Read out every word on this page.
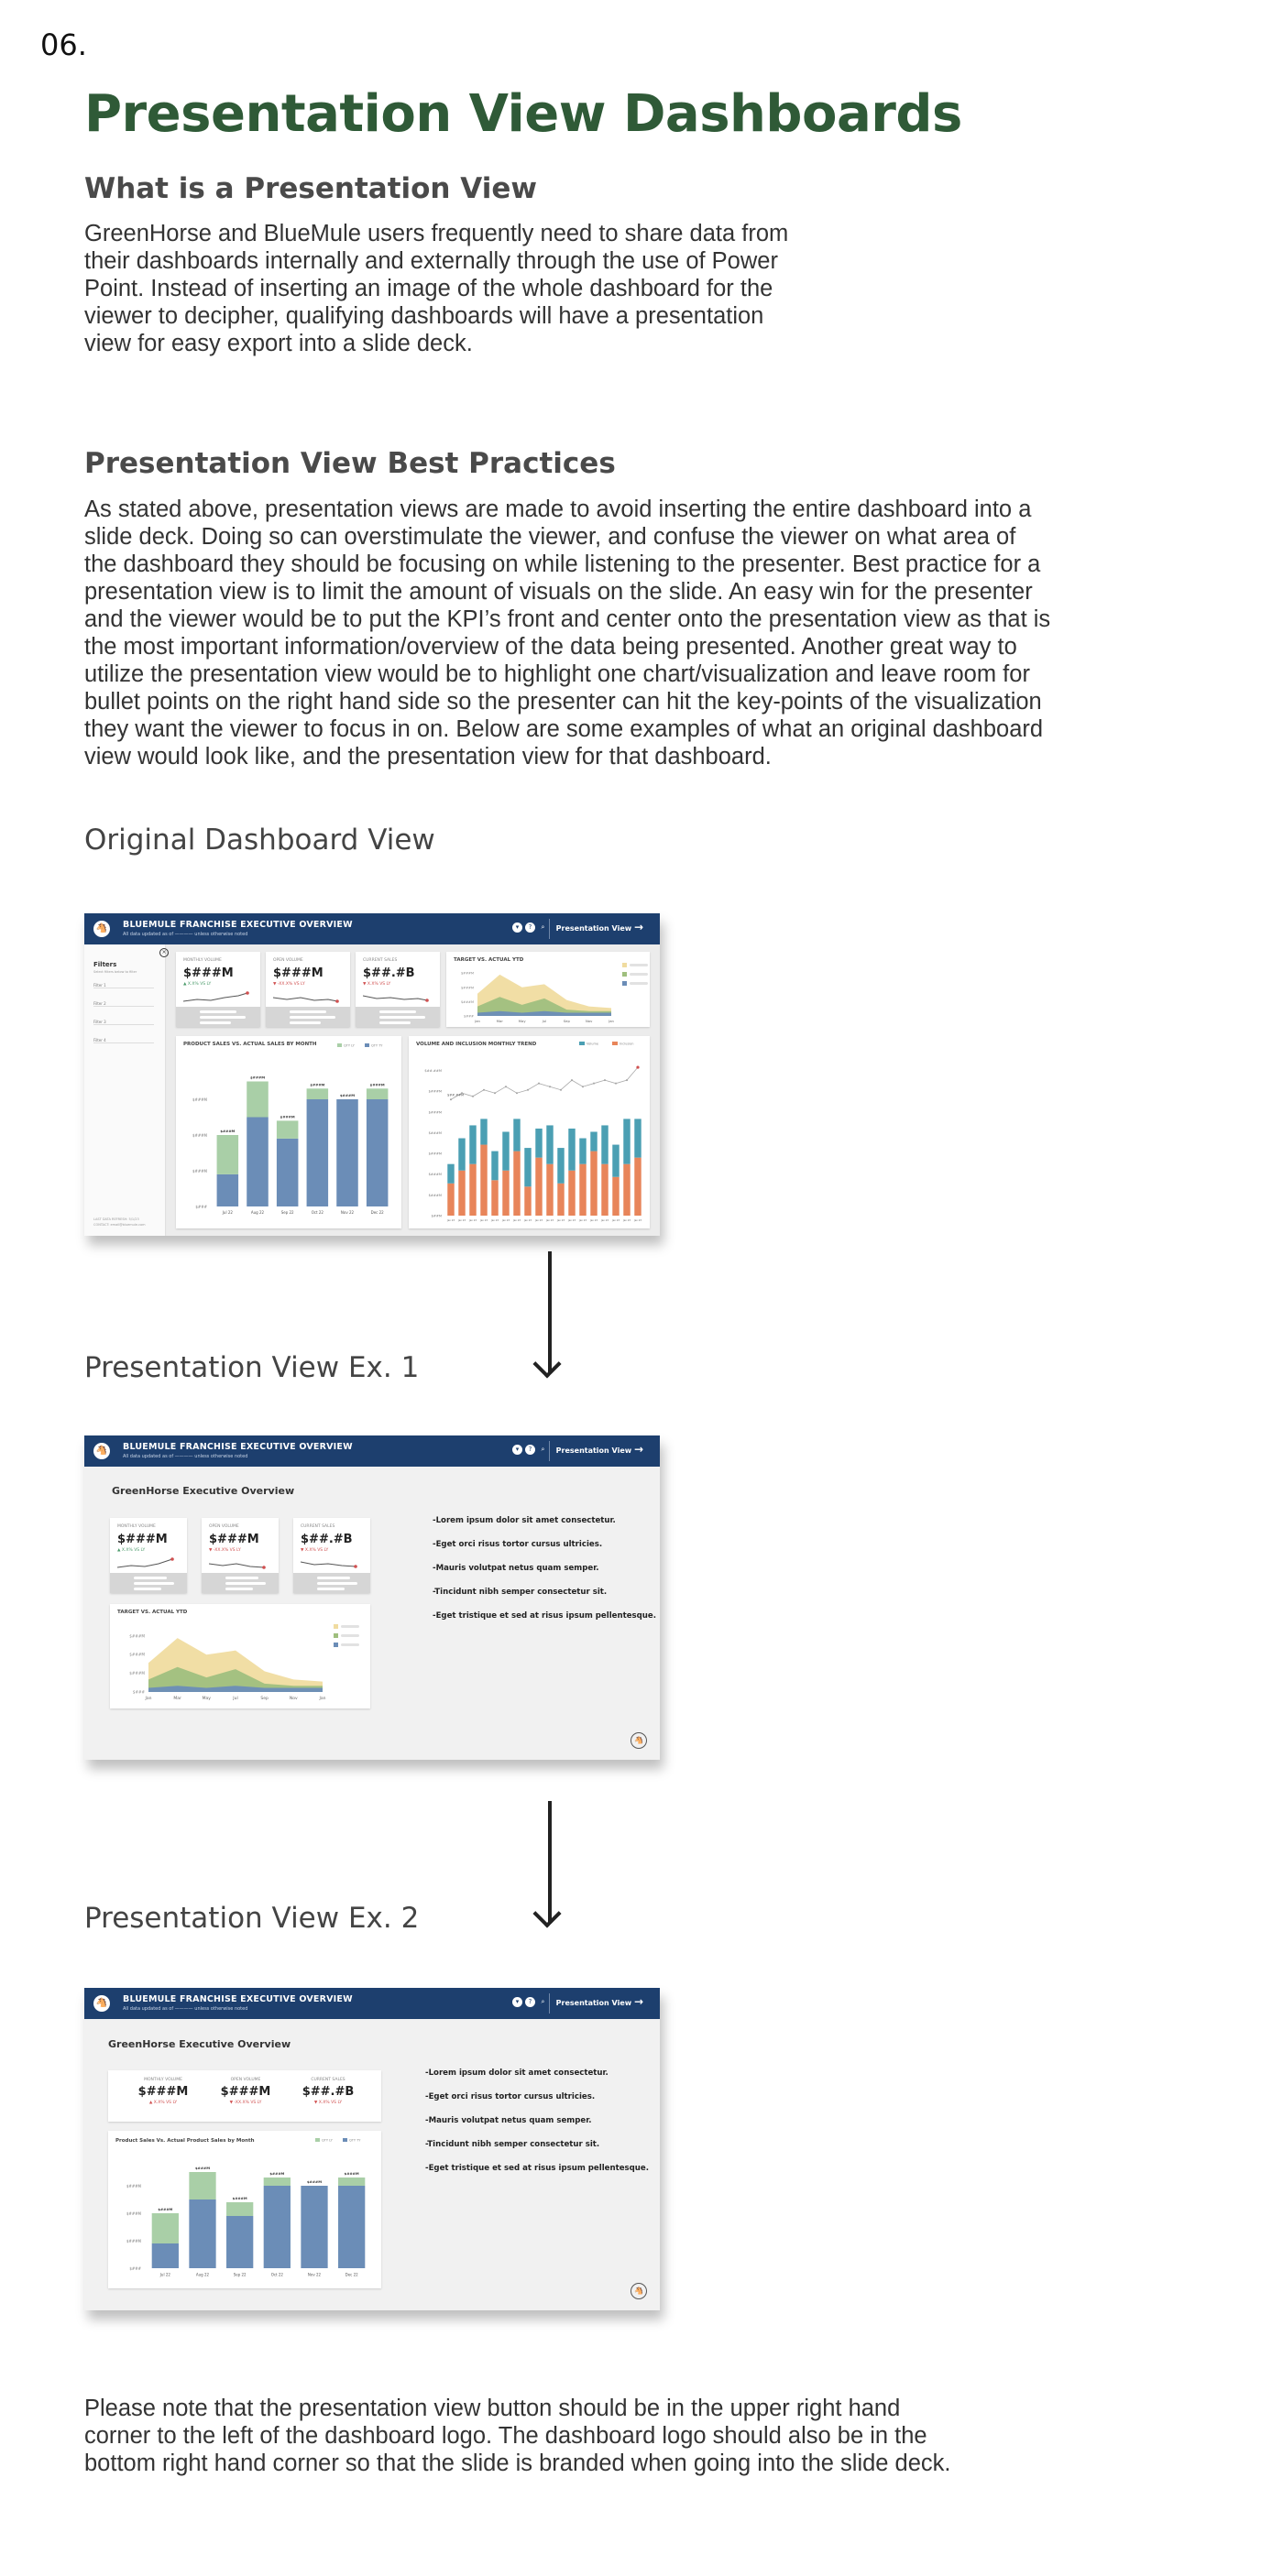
06.
Presentation View Dashboards
What is a Presentation View
GreenHorse and BlueMule users frequently need to share data from
their dashboards internally and externally through the use of Power
Point. Instead of inserting an image of the whole dashboard for the
viewer to decipher, qualifying dashboards will have a presentation
view for easy export into a slide deck.
Presentation View Best Practices
As stated above, presentation views are made to avoid inserting the entire dashboard into a
slide deck. Doing so can overstimulate the viewer, and confuse the viewer on what area of
the dashboard they should be focusing on while listening to the presenter. Best practice for a
presentation view is to limit the amount of visuals on the slide. An easy win for the presenter
and the viewer would be to put the KPI’s front and center onto the presentation view as that is
the most important information/overview of the data being presented. Another great way to
utilize the presentation view would be to highlight one chart/visualization and leave room for
bullet points on the right hand side so the presenter can hit the key-points of the visualization
they want the viewer to focus in on. Below are some examples of what an original dashboard
view would look like, and the presentation view for that dashboard.
Original Dashboard View
🐴 BLUEMULE FRANCHISE EXECUTIVE OVERVIEW
All data updated as of ———— unless otherwise noted
▾	?	⌕	Presentation View →
×
Filters
Select filters below to filter
Filter 1
Filter 2
Filter 3
Filter 4
LAST DATA REFRESH: 5/1/23
CONTACT: email@bluemule.com
MONTHLY VOLUME
$###M
▲ X.X% VS LY
OPEN VOLUME
$###M
▼ -XX.X% VS LY
CURRENT SALES
$##.#B
▼ X.X% VS LY
TARGET VS. ACTUAL YTD
$###M
$###M
$###M
$###
Jan	Mar	May	Jul	Sep	Nov	Jan
PRODUCT SALES VS. ACTUAL SALES BY MONTH
$###
$###M
$###M
$###M
QTY LY	QTY TY
$###M
Jul 22
$###M
Aug 22
$###M
Sep 22
$###M
Oct 22
$###M
Nov 22
$###M
Dec 22
VOLUME AND INCLUSION MONTHLY TREND
$##.##M
$###M
$###M
$###M
$###M
$###M
$###M
$##M
Volume	Inclusion
Jan 23	Jan 23	Jan 23	Jan 23	Jan 23	Jan 23	Jan 23	Jan 23	Jan 23	Jan 23	Jan 23	Jan 23	Jan 23	Jan 23	Jan 23	Jan 23	Jan 23	Jan 23
$##.##M
Presentation View Ex. 1
🐴 BLUEMULE FRANCHISE EXECUTIVE OVERVIEW
All data updated as of ———— unless otherwise noted
▾	?	⌕	Presentation View →
GreenHorse Executive Overview
MONTHLY VOLUME
$###M
▲ X.X% VS LY
OPEN VOLUME
$###M
▼ -XX.X% VS LY
CURRENT SALES
$##.#B
▼ X.X% VS LY
TARGET VS. ACTUAL YTD
$###M
$###M
$###M
$###
Jan	Mar	May	Jul	Sep	Nov	Jan
-Lorem ipsum dolor sit amet consectetur.
-Eget orci risus tortor cursus ultricies.
-Mauris volutpat netus quam semper.
-Tincidunt nibh semper consectetur sit.
-Eget tristique et sed at risus ipsum pellentesque.
🐴
Presentation View Ex. 2
🐴 BLUEMULE FRANCHISE EXECUTIVE OVERVIEW
All data updated as of ———— unless otherwise noted
▾	?	⌕	Presentation View →
GreenHorse Executive Overview
MONTHLY VOLUME
$###M
▲ X.X% VS LY
OPEN VOLUME
$###M
▼ -XX.X% VS LY
CURRENT SALES
$##.#B
▼ X.X% VS LY
Product Sales Vs. Actual Product Sales by Month
$###
$###M
$###M
$###M
QTY LY	QTY TY
$###M
Jul 22
$###M
Aug 22
$###M
Sep 22
$###M
Oct 22
$###M
Nov 22
$###M
Dec 22
-Lorem ipsum dolor sit amet consectetur.
-Eget orci risus tortor cursus ultricies.
-Mauris volutpat netus quam semper.
-Tincidunt nibh semper consectetur sit.
-Eget tristique et sed at risus ipsum pellentesque.
🐴
Please note that the presentation view button should be in the upper right hand
corner to the left of the dashboard logo. The dashboard logo should also be in the
bottom right hand corner so that the slide is branded when going into the slide deck.
